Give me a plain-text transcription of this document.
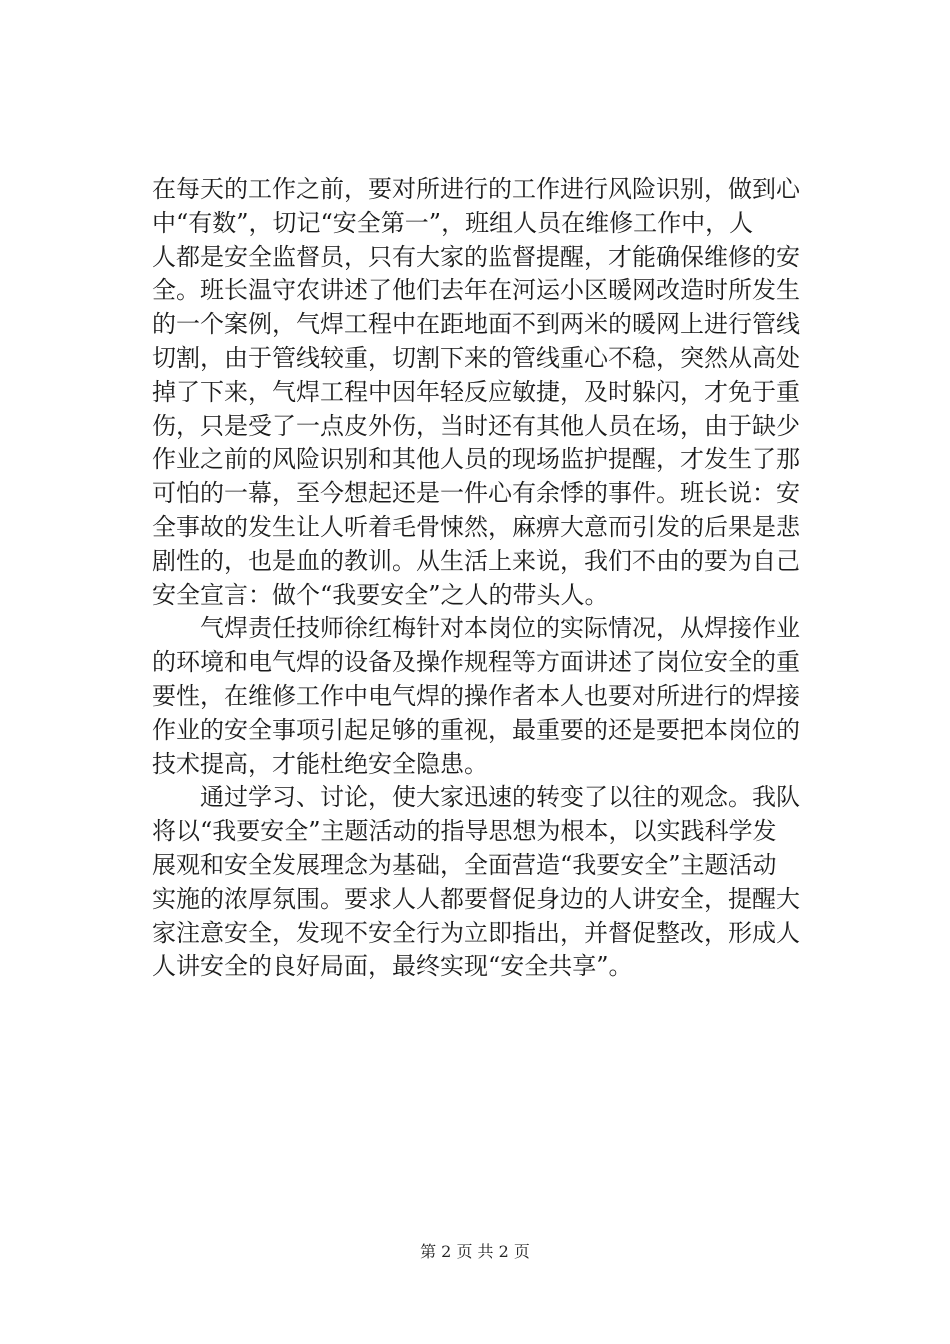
在每天的工作之前，要对所进行的工作进行风险识别，做到心
中“有数”，切记“安全第一”，班组人员在维修工作中，人
人都是安全监督员，只有大家的监督提醒，才能确保维修的安
全。班长温守农讲述了他们去年在河运小区暖网改造时所发生
的一个案例，气焊工程中在距地面不到两米的暖网上进行管线
切割，由于管线较重，切割下来的管线重心不稳，突然从高处
掉了下来，气焊工程中因年轻反应敏捷，及时躲闪，才免于重
伤，只是受了一点皮外伤，当时还有其他人员在场，由于缺少
作业之前的风险识别和其他人员的现场监护提醒，才发生了那
可怕的一幕，至今想起还是一件心有余悸的事件。班长说：安
全事故的发生让人听着毛骨悚然，麻痹大意而引发的后果是悲
剧性的，也是血的教训。从生活上来说，我们不由的要为自己
安全宣言：做个“我要安全”之人的带头人。
气焊责任技师徐红梅针对本岗位的实际情况，从焊接作业
的环境和电气焊的设备及操作规程等方面讲述了岗位安全的重
要性，在维修工作中电气焊的操作者本人也要对所进行的焊接
作业的安全事项引起足够的重视，最重要的还是要把本岗位的
技术提高，才能杜绝安全隐患。
通过学习、讨论，使大家迅速的转变了以往的观念。我队
将以“我要安全”主题活动的指导思想为根本，以实践科学发
展观和安全发展理念为基础，全面营造“我要安全”主题活动
实施的浓厚氛围。要求人人都要督促身边的人讲安全，提醒大
家注意安全，发现不安全行为立即指出，并督促整改，形成人
人讲安全的良好局面，最终实现“安全共享”。
第 2 页 共 2 页
